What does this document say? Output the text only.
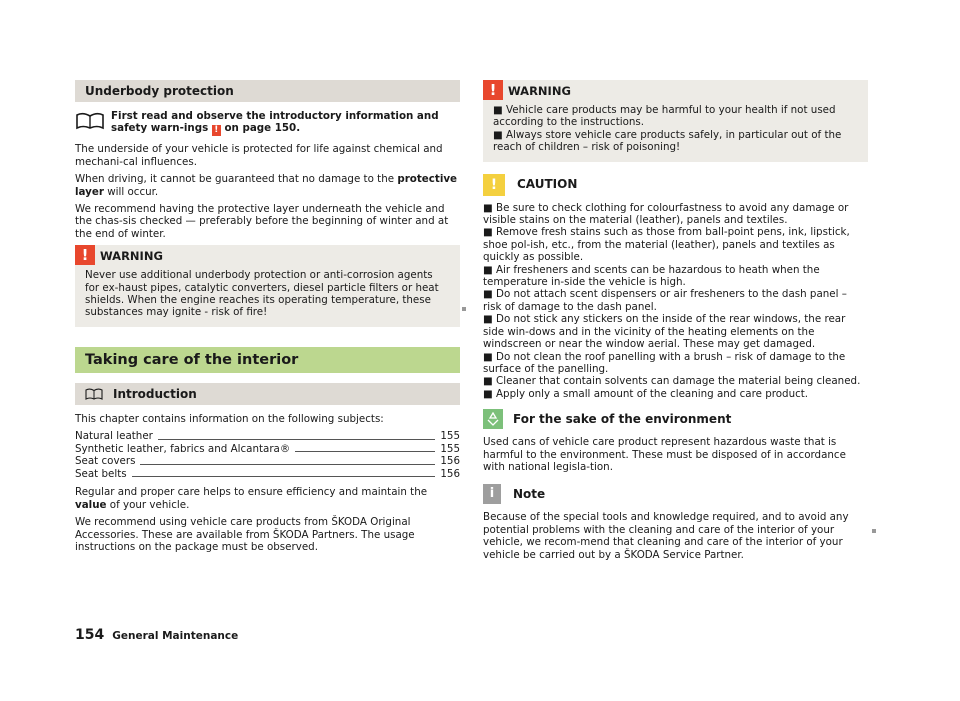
Underbody protection
First read and observe the introductory information and safety warn-ings ! on page 150.

The underside of your vehicle is protected for life against chemical and mechani-cal influences.

When driving, it cannot be guaranteed that no damage to the protective layer will occur.

We recommend having the protective layer underneath the vehicle and the chas-sis checked — preferably before the beginning of winter and at the end of winter.

!	WARNING
Never use additional underbody protection or anti-corrosion agents for ex-haust pipes, catalytic converters, diesel particle filters or heat shields. When the engine reaches its operating temperature, these substances may ignite - risk of fire!
Taking care of the interior
Introduction

This chapter contains information on the following subjects:

Natural leather	155
Synthetic leather, fabrics and Alcantara®	155
Seat covers	156
Seat belts	156

Regular and proper care helps to ensure efficiency and maintain the value of your vehicle.

We recommend using vehicle care products from ŠKODA Original Accessories. These are available from ŠKODA Partners. The usage instructions on the package must be observed.

!	WARNING
■ Vehicle care products may be harmful to your health if not used according to the instructions.
■ Always store vehicle care products safely, in particular out of the reach of children – risk of poisoning!
!	CAUTION
■ Be sure to check clothing for colourfastness to avoid any damage or visible stains on the material (leather), panels and textiles.
■ Remove fresh stains such as those from ball-point pens, ink, lipstick, shoe pol-ish, etc., from the material (leather), panels and textiles as quickly as possible.
■ Air fresheners and scents can be hazardous to heath when the temperature in-side the vehicle is high.
■ Do not attach scent dispensers or air fresheners to the dash panel – risk of damage to the dash panel.
■ Do not stick any stickers on the inside of the rear windows, the rear side win-dows and in the vicinity of the heating elements on the windscreen or near the window aerial. These may get damaged.
■ Do not clean the roof panelling with a brush – risk of damage to the surface of the panelling.
■ Cleaner that contain solvents can damage the material being cleaned.
■ Apply only a small amount of the cleaning and care product.
For the sake of the environment

Used cans of vehicle care product represent hazardous waste that is harmful to the environment. These must be disposed of in accordance with national legisla-tion.

i	Note

Because of the special tools and knowledge required, and to avoid any potential problems with the cleaning and care of the interior of your vehicle, we recom-mend that cleaning and care of the interior of your vehicle be carried out by a ŠKODA Service Partner.

154 General Maintenance
